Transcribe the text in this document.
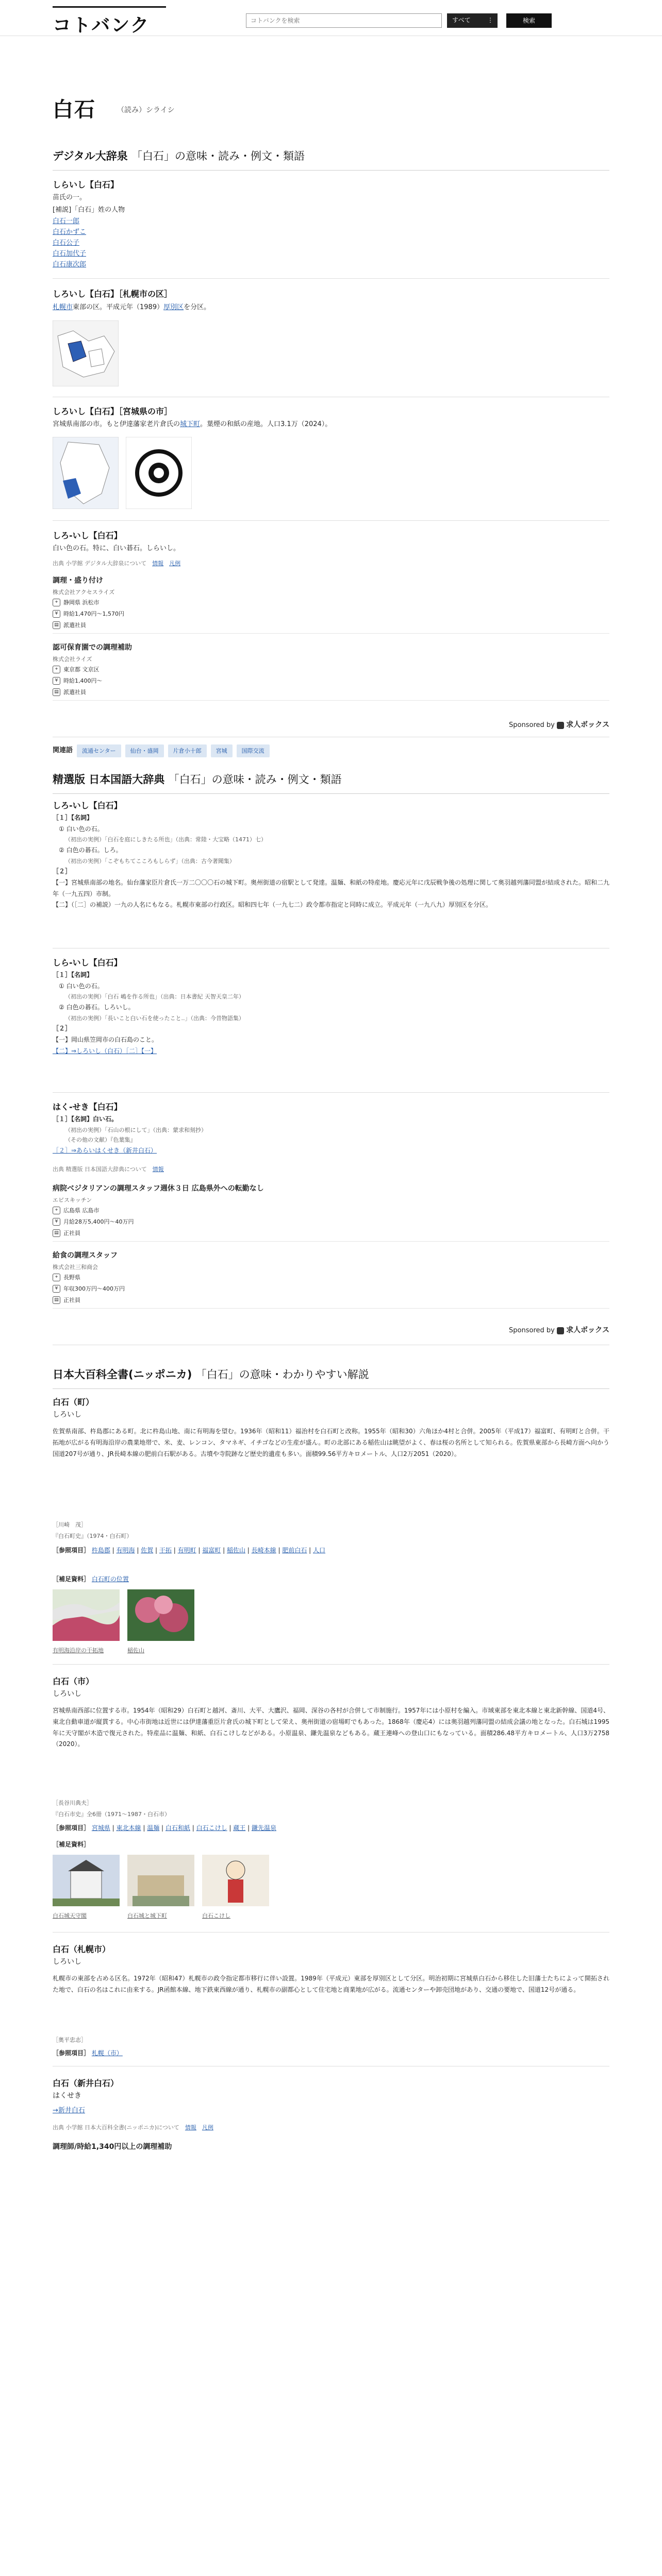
コトバンク
コトバンクを検索	すべて	⋮	検索
白石	（読み）シライシ
デジタル大辞泉 「白石」の意味・読み・例文・類語
しらいし【白石】
苗氏の一。
[補説]「白石」姓の人物
白石一郎
白石かずこ
白石公子
白石加代子
白石康次郎
しろいし【白石】［札幌市の区］
札幌市東部の区。平成元年（1989）厚別区を分区。
しろいし【白石】［宮城県の市］
宮城県南部の市。もと伊達藩家老片倉氏の城下町。葉煙の和紙の産地。人口3.1万（2024）。
しろ‐いし【白石】
白い色の石。特に、白い碁石。しらいし。
出典 小学館 デジタル大辞泉について　 情報　 凡例
調理・盛り付け
株式会社アクセスライズ
⌖ 静岡県 浜松市
¥ 時給1,470円～1,570円
▤ 派遣社員
認可保育園での調理補助
株式会社ライズ
⌖ 東京都 文京区
¥ 時給1,400円～
▤ 派遣社員
Sponsored by 求人ボックス
関連語	流通センター	仙台・盛岡	片倉小十郎	宮城	国際交流
精選版 日本国語大辞典 「白石」の意味・読み・例文・類語
しろ‐いし【白石】
［１］【名詞】
① 白い色の石。
（初出の実例）「白石を庭にしきたる所也」（出典：常陸・大宝略（1471）七）
② 白色の碁石。しろ。
（初出の実例）「こぞもちてこころもしらず」（出典：古今著聞集）
［２］
【一】宮城県南部の地名。仙台藩家臣片倉氏一万二〇〇〇石の城下町。奥州街道の宿駅として発達。温麺、和紙の特産地。慶応元年に戊辰戦争後の処理に関して奥羽越列藩同盟が結成された。昭和二九年（一九五四）市制。
【二】（［二］の補説）一九の人名にもなる。札幌市東部の行政区。昭和四七年（一九七二）政令都市指定と同時に成立。平成元年（一九八九）厚別区を分区。
しら‐いし【白石】
［１］【名詞】
① 白い色の石。
（初出の実例）「白石 嶋を作る所也」（出典：日本書紀 天智天皇二年）
② 白色の碁石。しろいし。
（初出の実例）「長いこと白い石を使ったこと..」（出典：今昔物語集）
［２］
【一】岡山県笠岡市の白石島のこと。
【二】⇒しろいし（白石）［二］【一】
はく‐せき【白石】
［１］【名詞】白い石。
（初出の実例）「石山の根にして」（出典：蒙求和刻抄）
（その他の文献）『色葉集』
［２］⇒あらいはくせき（新井白石）
出典 精選版 日本国語大辞典について　 情報
病院ベジタリアンの調理スタッフ週休３日 広島県外への転勤なし
エビスキッチン
⌖ 広島県 広島市
¥ 月給28万5,400円～40万円
▤ 正社員
給食の調理スタッフ
株式会社三和商会
⌖ 長野県
¥ 年収300万円～400万円
▤ 正社員
Sponsored by 求人ボックス
日本大百科全書(ニッポニカ) 「白石」の意味・わかりやすい解説
白石（町）
しろいし
佐賀県南部、杵島郡にある町。北に杵島山地、南に有明海を望む。1936年（昭和11）福治村を白石町と改称。1955年（昭和30）六角ほか4村と合併。2005年（平成17）福富町、有明町と合併。干拓地が広がる有明海沿岸の農業地帯で、米、麦、レンコン、タマネギ、イチゴなどの生産が盛ん。町の北部にある稲佐山は眺望がよく、春は桜の名所として知られる。佐賀県東部から長崎方面へ向かう国道207号が通り、JR長崎本線の肥前白石駅がある。古墳や寺院跡など歴史的遺産も多い。面積99.56平方キロメートル、人口2万2051（2020）。
［川崎　茂］
『白石町史』（1974・白石町）
［参照項目］ 杵島郡 | 有明海 | 佐賀 | 干拓 | 有明町 | 福富町 | 稲佐山 | 長崎本線 | 肥前白石 | 人口
［補足資料］ 白石町の位置
有明海沿岸の干拓地	稲佐山
白石（市）
しろいし
宮城県南西部に位置する市。1954年（昭和29）白石町と越河、斎川、大平、大鷹沢、福岡、深谷の各村が合併して市制施行。1957年には小原村を編入。市域東部を東北本線と東北新幹線、国道4号、東北自動車道が縦貫する。中心市街地は近世には伊達藩重臣片倉氏の城下町として栄え、奥州街道の宿場町でもあった。1868年（慶応4）には奥羽越列藩同盟の結成会議の地となった。白石城は1995年に天守閣が木造で復元された。特産品に温麺、和紙、白石こけしなどがある。小原温泉、鎌先温泉などもある。蔵王連峰への登山口にもなっている。面積286.48平方キロメートル、人口3万2758（2020）。
［長谷川典夫］
『白石市史』全6冊（1971～1987・白石市）
［参照項目］ 宮城県 | 東北本線 | 温麺 | 白石和紙 | 白石こけし | 蔵王 | 鎌先温泉
［補足資料］
白石城天守閣	白石城と城下町	白石こけし
白石（札幌市）
しろいし
札幌市の東部を占める区名。1972年（昭和47）札幌市の政令指定都市移行に伴い設置。1989年（平成元）東部を厚別区として分区。明治初期に宮城県白石から移住した旧藩士たちによって開拓された地で、白石の名はこれに由来する。JR函館本線、地下鉄東西線が通り、札幌市の副都心として住宅地と商業地が広がる。流通センターや卸売団地があり、交通の要地で、国道12号が通る。
［奥平忠志］
［参照項目］ 札幌（市）
白石（新井白石）
はくせき
→新井白石
出典 小学館 日本大百科全書(ニッポニカ)について　 情報　 凡例
調理師/時給1,340円以上の調理補助
